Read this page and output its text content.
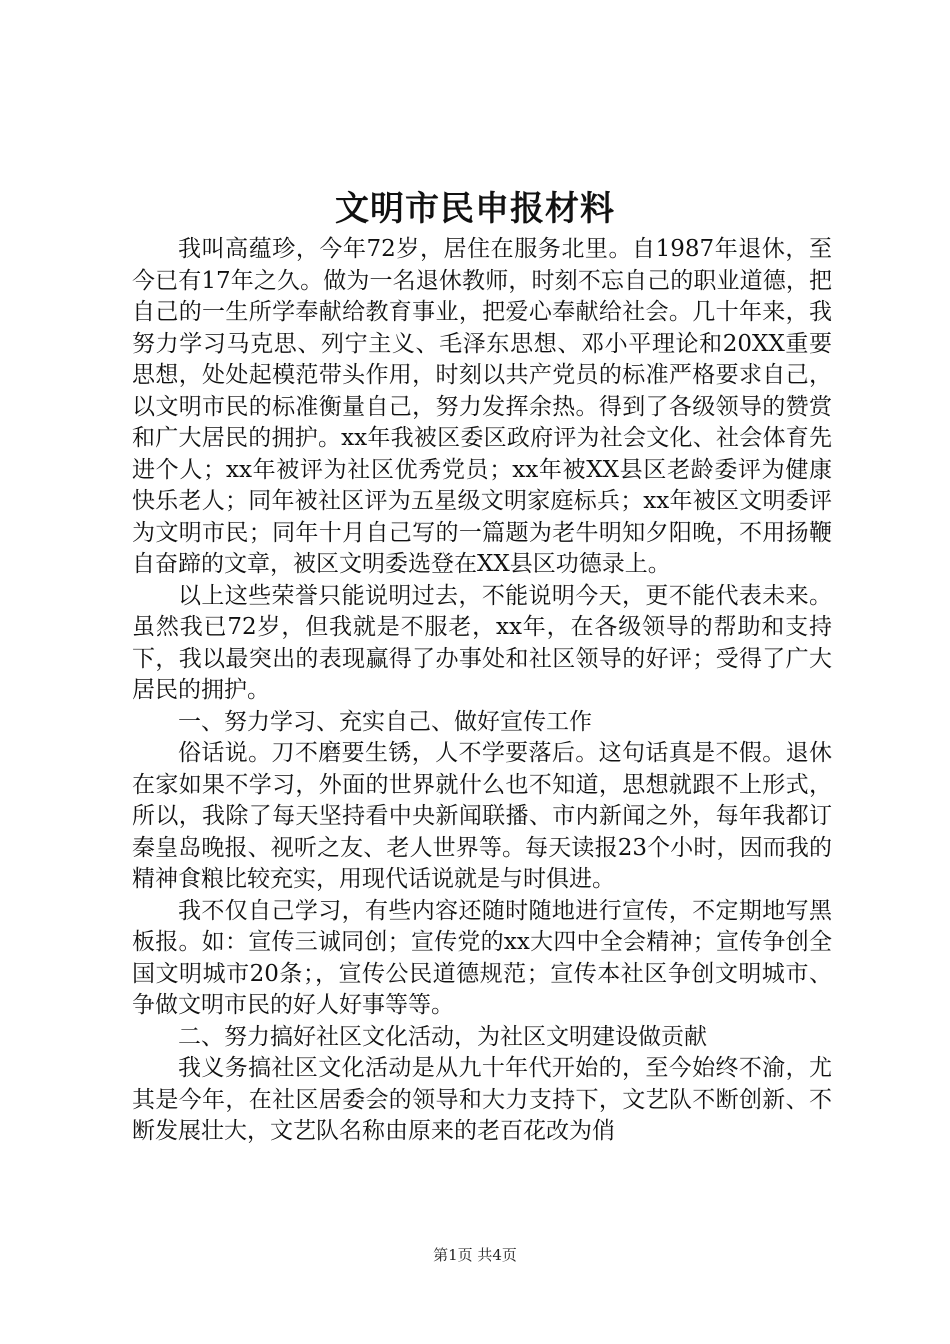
文明市民申报材料

我叫高蕴珍，今年72岁，居住在服务北里。自1987年退休，至今已有17年之久。做为一名退休教师，时刻不忘自己的职业道德，把自己的一生所学奉献给教育事业，把爱心奉献给社会。几十年来，我努力学习马克思、列宁主义、毛泽东思想、邓小平理论和20XX重要思想，处处起模范带头作用，时刻以共产党员的标准严格要求自己，以文明市民的标准衡量自己，努力发挥余热。得到了各级领导的赞赏和广大居民的拥护。xx年我被区委区政府评为社会文化、社会体育先进个人；xx年被评为社区优秀党员；xx年被XX县区老龄委评为健康快乐老人；同年被社区评为五星级文明家庭标兵；xx年被区文明委评为文明市民；同年十月自己写的一篇题为老牛明知夕阳晚，不用扬鞭自奋蹄的文章，被区文明委选登在XX县区功德录上。

以上这些荣誉只能说明过去，不能说明今天，更不能代表未来。虽然我已72岁，但我就是不服老，xx年，在各级领导的帮助和支持下，我以最突出的表现赢得了办事处和社区领导的好评；受得了广大居民的拥护。

一、努力学习、充实自己、做好宣传工作

俗话说。刀不磨要生锈，人不学要落后。这句话真是不假。退休在家如果不学习，外面的世界就什么也不知道，思想就跟不上形式，所以，我除了每天坚持看中央新闻联播、市内新闻之外，每年我都订秦皇岛晚报、视听之友、老人世界等。每天读报23个小时，因而我的精神食粮比较充实，用现代话说就是与时俱进。

我不仅自己学习，有些内容还随时随地进行宣传，不定期地写黑板报。如：宣传三诚同创；宣传党的xx大四中全会精神；宣传争创全国文明城市20条；，宣传公民道德规范；宣传本社区争创文明城市、争做文明市民的好人好事等等。

二、努力搞好社区文化活动，为社区文明建设做贡献

我义务搞社区文化活动是从九十年代开始的，至今始终不渝，尤其是今年，在社区居委会的领导和大力支持下，文艺队不断创新、不断发展壮大，文艺队名称由原来的老百花改为俏

第1页 共4页
